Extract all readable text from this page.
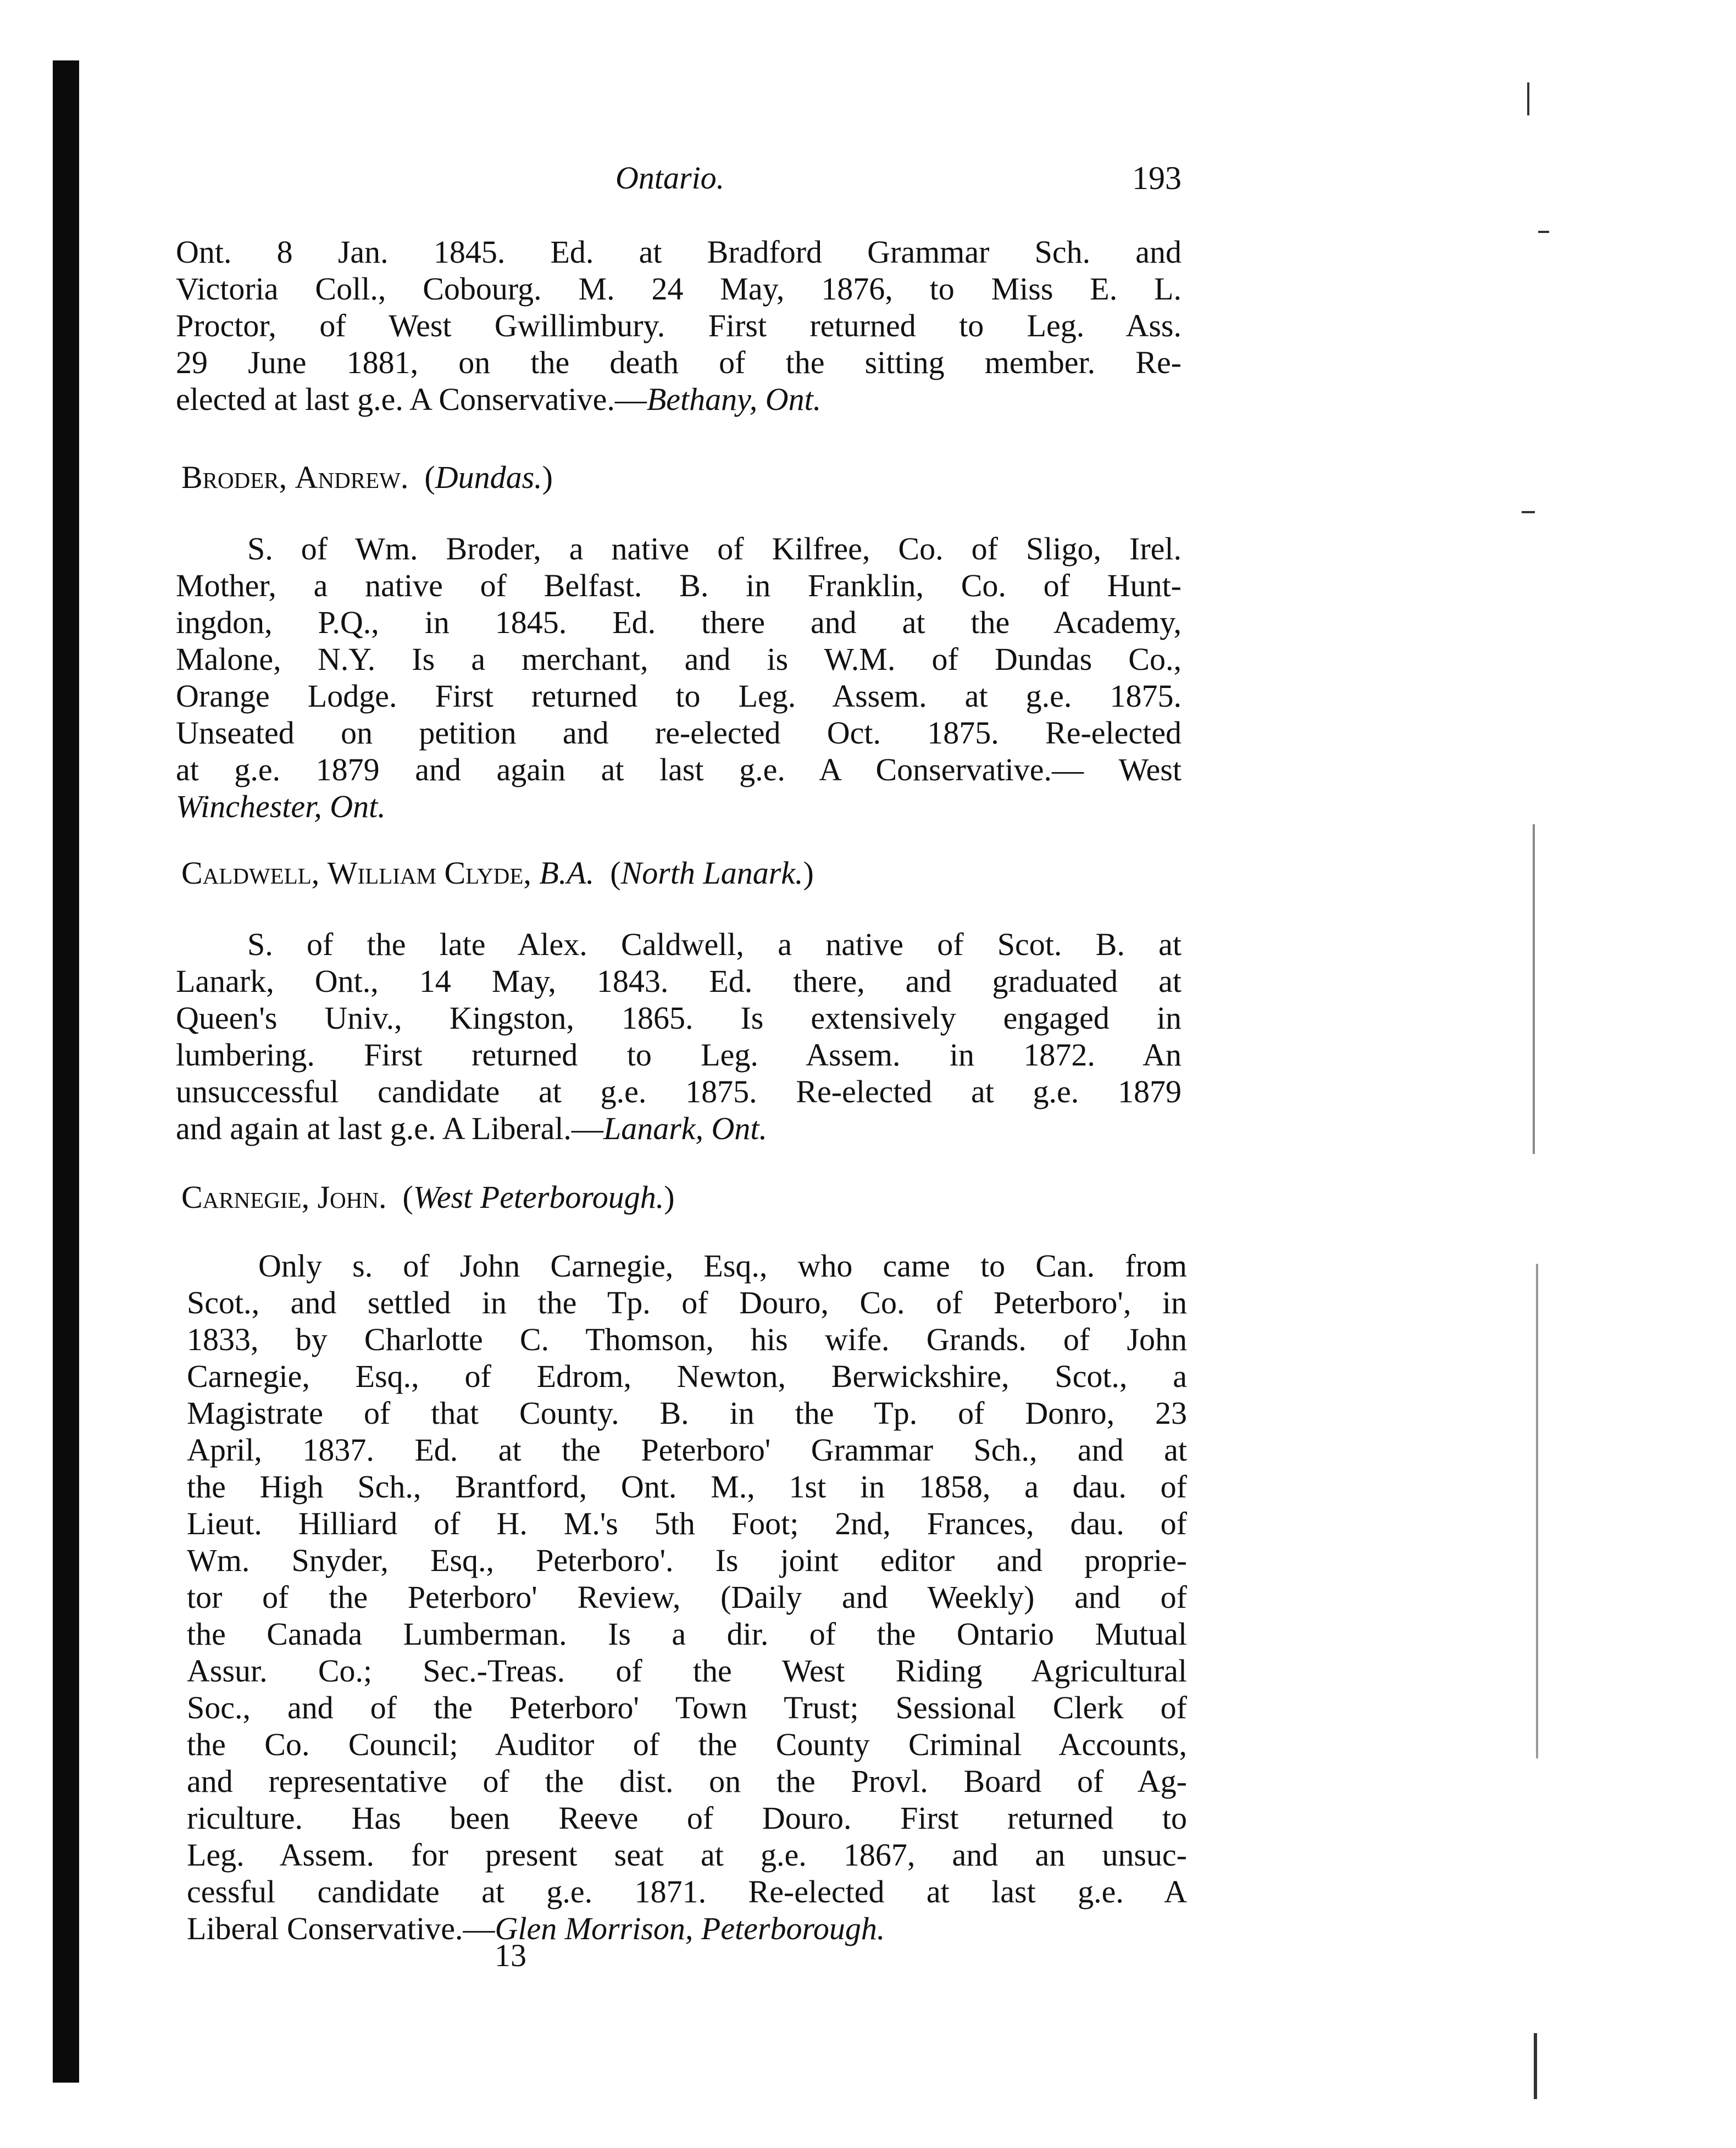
Ontario.	193
Ont. 8 Jan. 1845. Ed. at Bradford Grammar Sch. and
Victoria Coll., Cobourg. M. 24 May, 1876, to Miss E. L.
Proctor, of West Gwillimbury. First returned to Leg. Ass.
29 June 1881, on the death of the sitting member. Re-
elected at last g.e. A Conservative.—Bethany, Ont.
Broder, Andrew.  (Dundas.)
S. of Wm. Broder, a native of Kilfree, Co. of Sligo, Irel.
Mother, a native of Belfast. B. in Franklin, Co. of Hunt-
ingdon, P.Q., in 1845. Ed. there and at the Academy,
Malone, N.Y. Is a merchant, and is W.M. of Dundas Co.,
Orange Lodge. First returned to Leg. Assem. at g.e. 1875.
Unseated on petition and re-elected Oct. 1875. Re-elected
at g.e. 1879 and again at last g.e. A Conservative.— West
Winchester, Ont.
Caldwell, William Clyde, B.A.  (North Lanark.)
S. of the late Alex. Caldwell, a native of Scot. B. at
Lanark, Ont., 14 May, 1843. Ed. there, and graduated at
Queen's Univ., Kingston, 1865. Is extensively engaged in
lumbering. First returned to Leg. Assem. in 1872. An
unsuccessful candidate at g.e. 1875. Re-elected at g.e. 1879
and again at last g.e. A Liberal.—Lanark, Ont.
Carnegie, John.  (West Peterborough.)
Only s. of John Carnegie, Esq., who came to Can. from
Scot., and settled in the Tp. of Douro, Co. of Peterboro', in
1833, by Charlotte C. Thomson, his wife. Grands. of John
Carnegie, Esq., of Edrom, Newton, Berwickshire, Scot., a
Magistrate of that County. B. in the Tp. of Donro, 23
April, 1837. Ed. at the Peterboro' Grammar Sch., and at
the High Sch., Brantford, Ont. M., 1st in 1858, a dau. of
Lieut. Hilliard of H. M.'s 5th Foot; 2nd, Frances, dau. of
Wm. Snyder, Esq., Peterboro'. Is joint editor and proprie-
tor of the Peterboro' Review, (Daily and Weekly) and of
the Canada Lumberman. Is a dir. of the Ontario Mutual
Assur. Co.; Sec.-Treas. of the West Riding Agricultural
Soc., and of the Peterboro' Town Trust; Sessional Clerk of
the Co. Council; Auditor of the County Criminal Accounts,
and representative of the dist. on the Provl. Board of Ag-
riculture. Has been Reeve of Douro. First returned to
Leg. Assem. for present seat at g.e. 1867, and an unsuc-
cessful candidate at g.e. 1871. Re-elected at last g.e. A
Liberal Conservative.—Glen Morrison, Peterborough.
13
